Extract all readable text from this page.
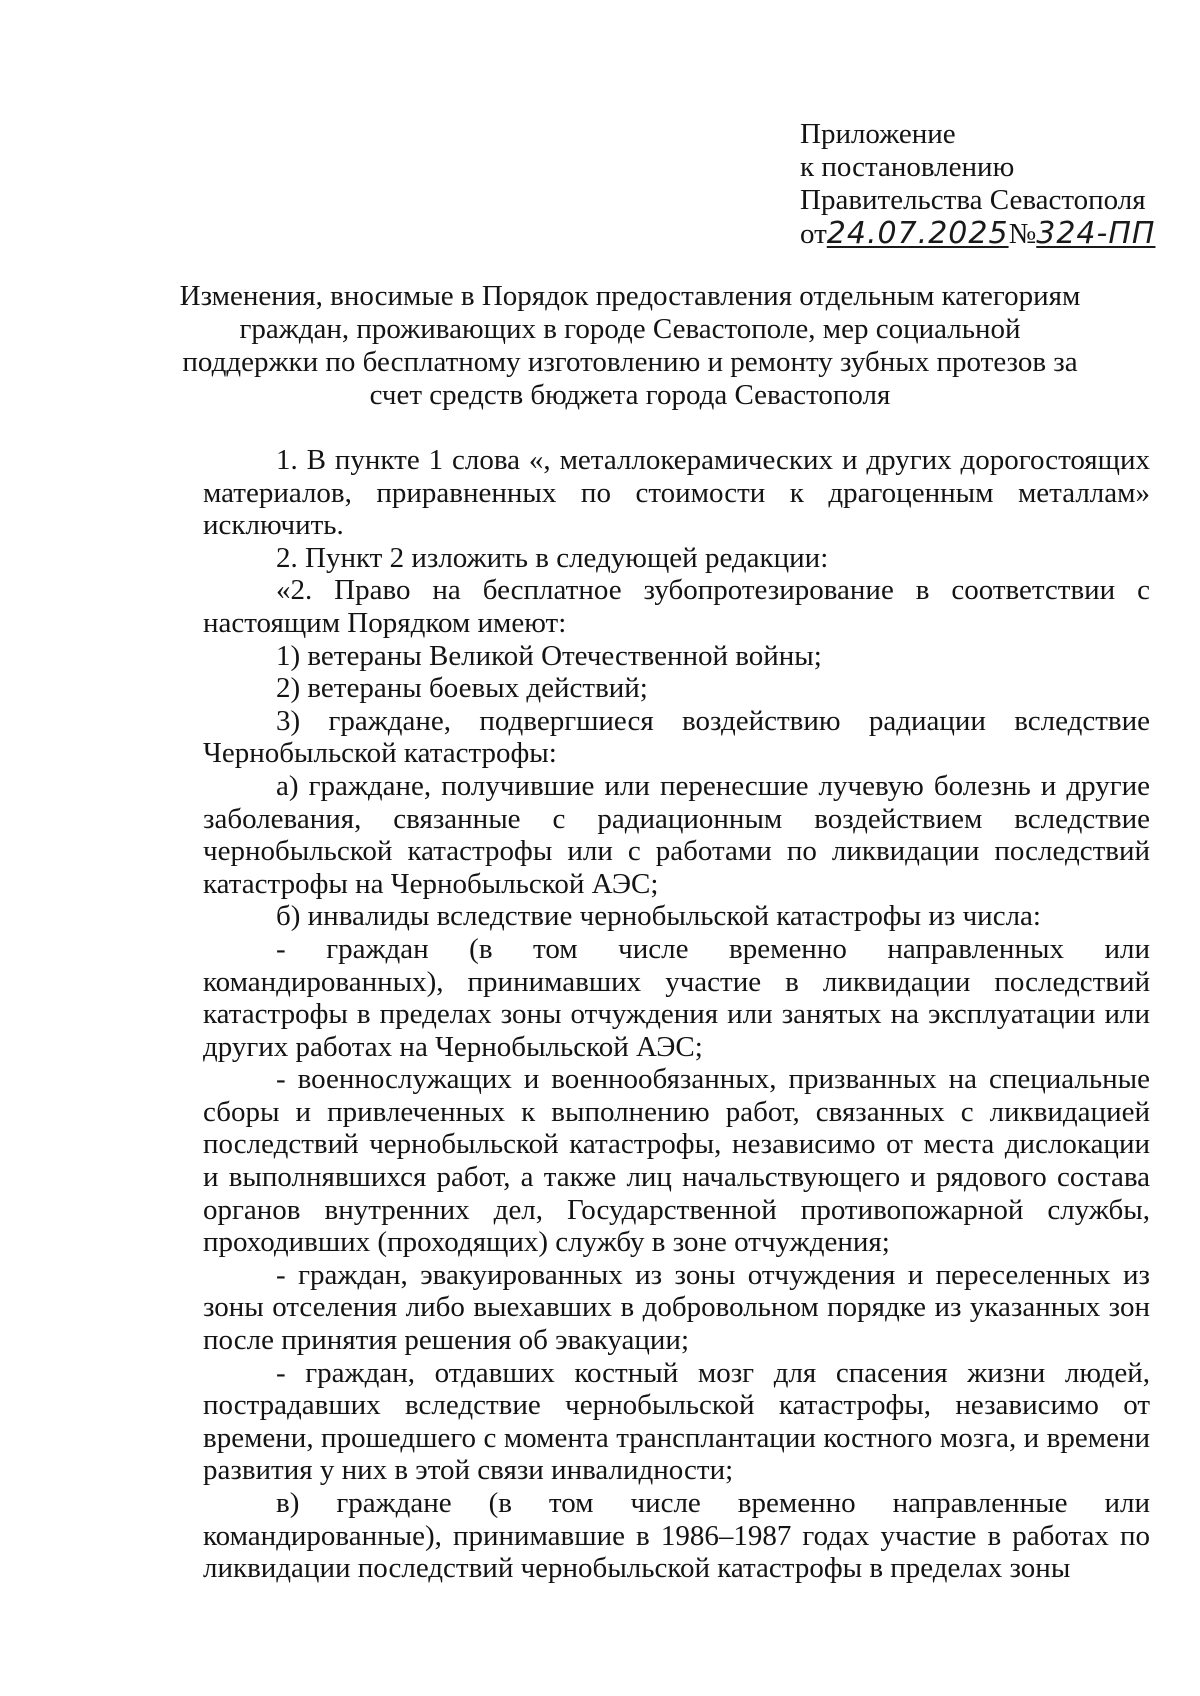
Приложение
к постановлению
Правительства Севастополя
от24.07.2025№324-ПП
Изменения, вносимые в Порядок предоставления отдельным категориям граждан, проживающих в городе Севастополе, мер социальной поддержки по бесплатному изготовлению и ремонту зубных протезов за счет средств бюджета города Севастополя

1. В пункте 1 слова «, металлокерамических и других дорогостоящих материалов, приравненных по стоимости к драгоценным металлам» исключить.

2. Пункт 2 изложить в следующей редакции:

«2. Право на бесплатное зубопротезирование в соответствии с настоящим Порядком имеют:

1) ветераны Великой Отечественной войны;

2) ветераны боевых действий;

3) граждане, подвергшиеся воздействию радиации вследствие Чернобыльской катастрофы:

а) граждане, получившие или перенесшие лучевую болезнь и другие заболевания, связанные с радиационным воздействием вследствие чернобыльской катастрофы или с работами по ликвидации последствий катастрофы на Чернобыльской АЭС;

б) инвалиды вследствие чернобыльской катастрофы из числа:

- граждан (в том числе временно направленных или командированных), принимавших участие в ликвидации последствий катастрофы в пределах зоны отчуждения или занятых на эксплуатации или других работах на Чернобыльской АЭС;

- военнослужащих и военнообязанных, призванных на специальные сборы и привлеченных к выполнению работ, связанных с ликвидацией последствий чернобыльской катастрофы, независимо от места дислокации и выполнявшихся работ, а также лиц начальствующего и рядового состава органов внутренних дел, Государственной противопожарной службы, проходивших (проходящих) службу в зоне отчуждения;

- граждан, эвакуированных из зоны отчуждения и переселенных из зоны отселения либо выехавших в добровольном порядке из указанных зон после принятия решения об эвакуации;

- граждан, отдавших костный мозг для спасения жизни людей, пострадавших вследствие чернобыльской катастрофы, независимо от времени, прошедшего с момента трансплантации костного мозга, и времени развития у них в этой связи инвалидности;

в) граждане (в том числе временно направленные или командированные), принимавшие в 1986–1987 годах участие в работах по ликвидации последствий чернобыльской катастрофы в пределах зоны
